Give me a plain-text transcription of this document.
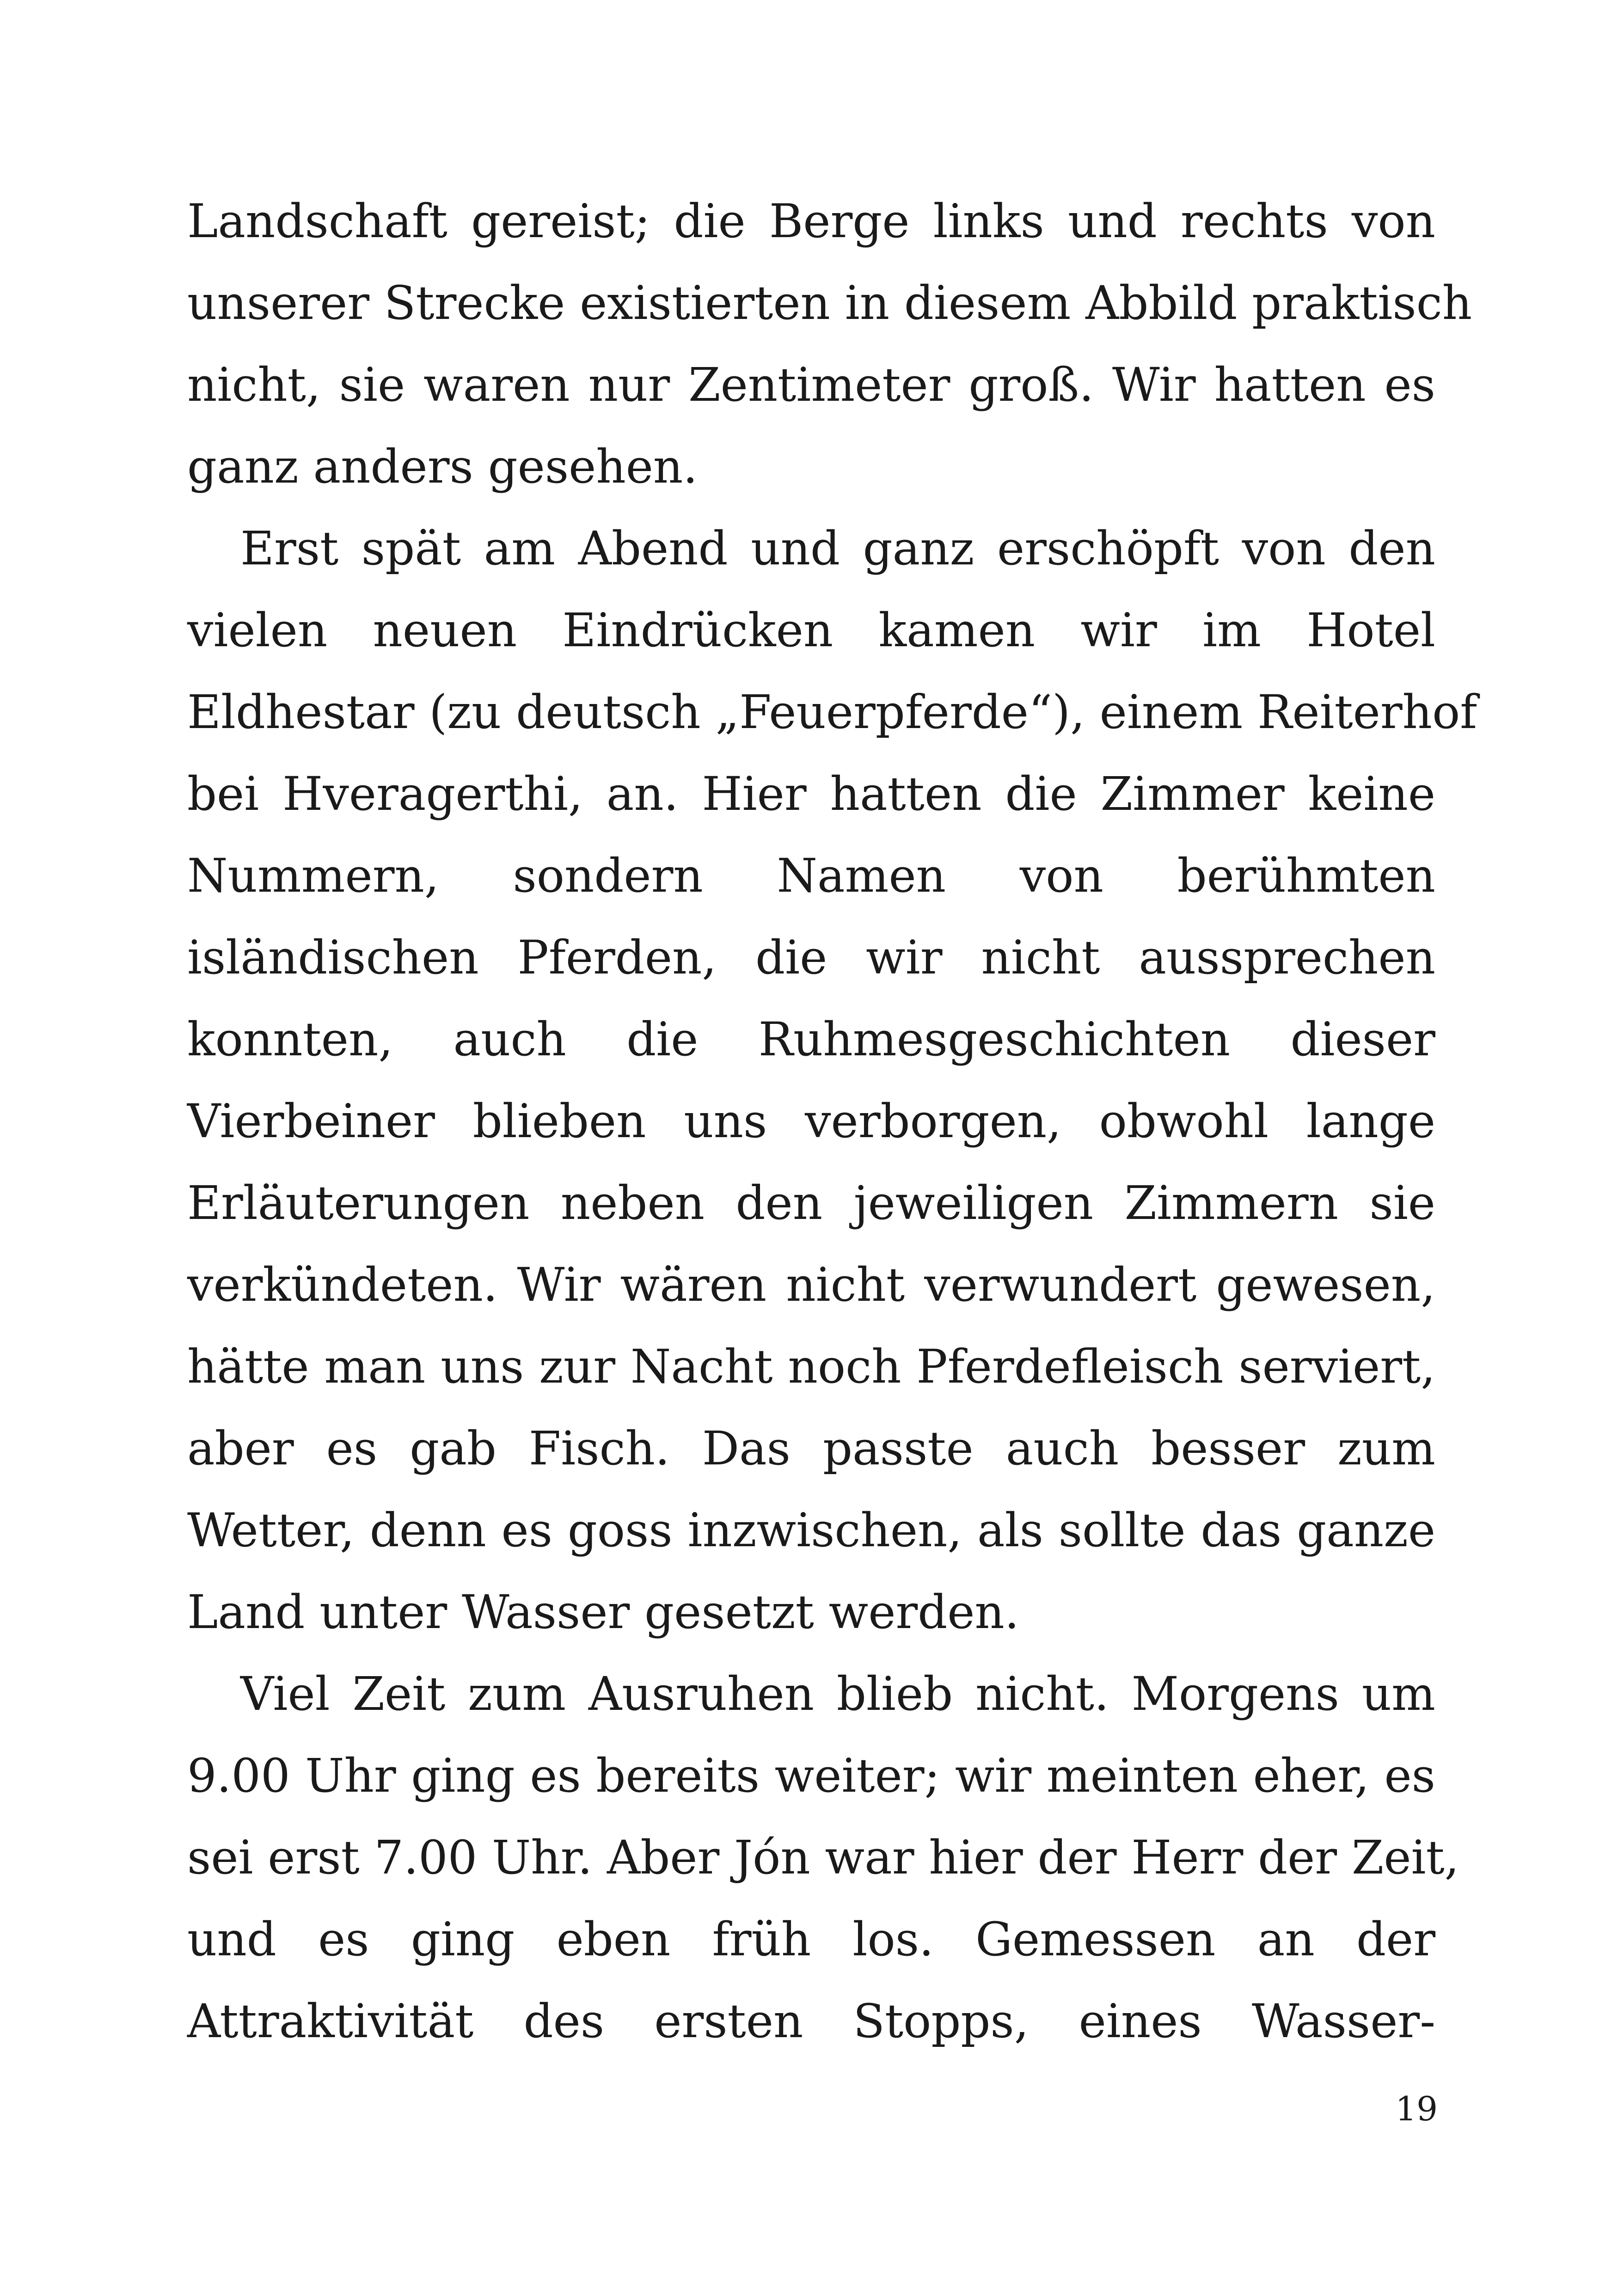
Landschaft gereist; die Berge links und rechts von
unserer Strecke existierten in diesem Abbild praktisch
nicht, sie waren nur Zentimeter groß. Wir hatten es
ganz anders gesehen.
Erst spät am Abend und ganz erschöpft von den
vielen neuen Eindrücken kamen wir im Hotel
Eldhestar (zu deutsch „Feuerpferde“), einem Reiterhof
bei Hveragerthi, an. Hier hatten die Zimmer keine
Nummern, sondern Namen von berühmten
isländischen Pferden, die wir nicht aussprechen
konnten, auch die Ruhmesgeschichten dieser
Vierbeiner blieben uns verborgen, obwohl lange
Erläuterungen neben den jeweiligen Zimmern sie
verkündeten. Wir wären nicht verwundert gewesen,
hätte man uns zur Nacht noch Pferdefleisch serviert,
aber es gab Fisch. Das passte auch besser zum
Wetter, denn es goss inzwischen, als sollte das ganze
Land unter Wasser gesetzt werden.
Viel Zeit zum Ausruhen blieb nicht. Morgens um
9.00 Uhr ging es bereits weiter; wir meinten eher, es
sei erst 7.00 Uhr. Aber Jón war hier der Herr der Zeit,
und es ging eben früh los. Gemessen an der
Attraktivität des ersten Stopps, eines Wasser-
19
